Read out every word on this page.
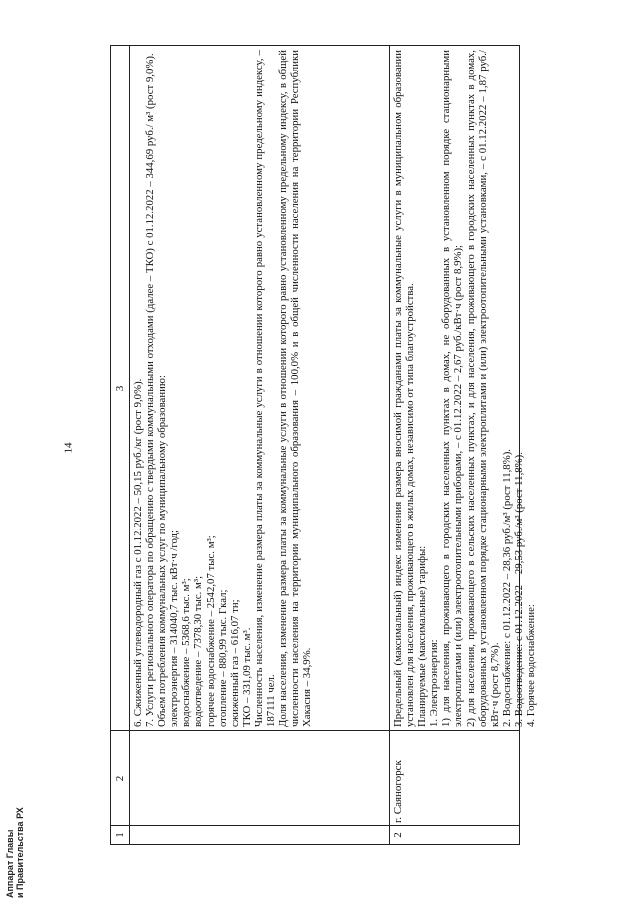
14
Аппарат Главы и Правительства РХ	1
2
3 6. Сжиженный углеводородный газ с 01.12.2022 – 50,15 руб./кг (рост 9,0%). 7. Услуги регионального оператора по обращению с твердыми коммунальными отходами (далее – ТКО) с 01.12.2022 – 344,69 руб./ м³ (рост 9,0%). Объем потребления коммунальных услуг по муниципальному образованию: электроэнергия – 314040,7 тыс. кВт·ч /год; водоснабжение – 5368,6 тыс. м³; водоотведение – 7378,30 тыс. м³; горячее водоснабжение – 2542,07 тыс. м³; отопление – 880,99 тыс. Гкал; сжиженный газ – 616,07 тн; ТКО – 331,09 тыс. м³. Численность населения, изменение размера платы за коммунальные услуги в отношении которого равно установленному предельному индексу, – 187111 чел. Доля населения, изменение размера платы за коммунальные услуги в отношении которого равно установленному предельному индексу, в общей численности населения на территории муниципального образования – 100,0% и в общей численности населения на территории Республики Хакасия – 34,9%.
2
г. Саяногорск
Предельный (максимальный) индекс изменения размера вносимой гражданами платы за коммунальные услуги в муниципальном образовании установлен для населения, проживающего в жилых домах, независимо от типа благоустройства. Планируемые (максимальные) тарифы: 1. Электроэнергия: 1) для населения, проживающего в городских населенных пунктах в домах, не оборудованных в установленном порядке стационарными электроплитами и (или) электроотопительными приборами, – с 01.12.2022 – 2,67 руб./кВт·ч (рост 8,9%); 2) для населения, проживающего в сельских населенных пунктах, и для населения, проживающего в городских населенных пунктах в домах, оборудованных в установленном порядке стационарными электроплитами и (или) электроотопительными установками, – с 01.12.2022 – 1,87 руб./кВт·ч (рост 8,7%). 2. Водоснабжение: с 01.12.2022 – 28,36 руб./м³ (рост 11,8%). 3. Водоотведение: с 01.12.2022 – 29,53 руб./м³ (рост 11,8%). 4. Горячее водоснабжение:
